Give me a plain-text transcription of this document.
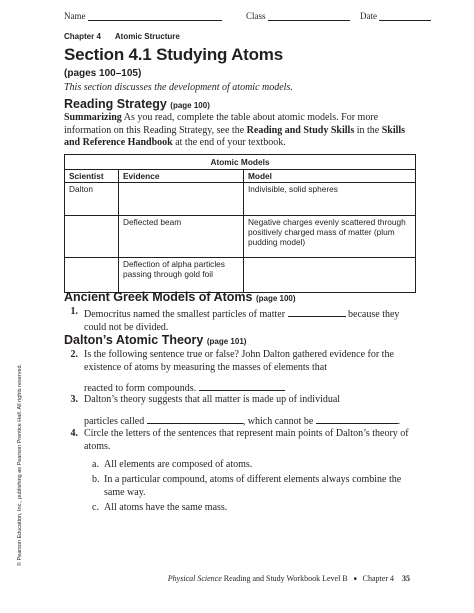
Name	Class	Date
Chapter 4 Atomic Structure
Section 4.1 Studying Atoms
(pages 100–105)
This section discusses the development of atomic models.
Reading Strategy (page 100)
Summarizing As you read, complete the table about atomic models. For more information on this Reading Strategy, see the Reading and Study Skills in the Skills and Reference Handbook at the end of your textbook.
Atomic Models		
Scientist	Evidence	Model
Dalton		Indivisible, solid spheres
	Deflected beam	Negative charges evenly scattered through positively charged mass of matter (plum pudding model)
	Deflection of alpha particles passing through gold foil	
Ancient Greek Models of Atoms (page 100)
1. Democritus named the smallest particles of matter	because they could not be divided.
Dalton’s Atomic Theory (page 101)
2. Is the following sentence true or false? John Dalton gathered evidence for the existence of atoms by measuring the masses of elements that
reacted to form compounds.
3. Dalton’s theory suggests that all matter is made up of individual
particles called	, which cannot be	.
4. Circle the letters of the sentences that represent main points of Dalton’s theory of atoms.
a. All elements are composed of atoms.
b. In a particular compound, atoms of different elements always combine the same way.
c. All atoms have the same mass.
© Pearson Education, Inc., publishing as Pearson Prentice Hall. All rights reserved.
Physical Science Reading and Study Workbook Level B ■ Chapter 4 35
